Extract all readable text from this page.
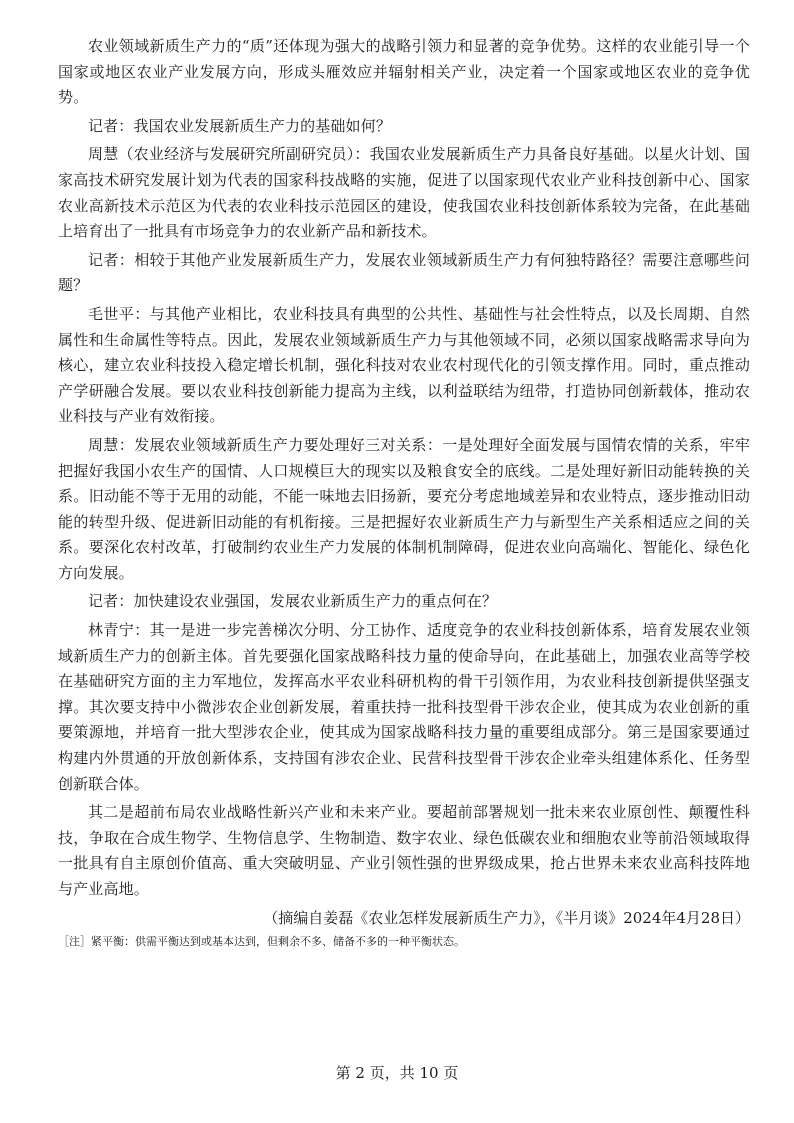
农业领域新质生产力的“质”还体现为强大的战略引领力和显著的竞争优势。这样的农业能引导一个国家或地区农业产业发展方向，形成头雁效应并辐射相关产业，决定着一个国家或地区农业的竞争优势。

记者：我国农业发展新质生产力的基础如何？

周慧（农业经济与发展研究所副研究员）：我国农业发展新质生产力具备良好基础。以星火计划、国家高技术研究发展计划为代表的国家科技战略的实施，促进了以国家现代农业产业科技创新中心、国家农业高新技术示范区为代表的农业科技示范园区的建设，使我国农业科技创新体系较为完备，在此基础上培育出了一批具有市场竞争力的农业新产品和新技术。

记者：相较于其他产业发展新质生产力，发展农业领域新质生产力有何独特路径？需要注意哪些问题？

毛世平：与其他产业相比，农业科技具有典型的公共性、基础性与社会性特点，以及长周期、自然属性和生命属性等特点。因此，发展农业领域新质生产力与其他领域不同，必须以国家战略需求导向为核心，建立农业科技投入稳定增长机制，强化科技对农业农村现代化的引领支撑作用。同时，重点推动产学研融合发展。要以农业科技创新能力提高为主线，以利益联结为纽带，打造协同创新载体，推动农业科技与产业有效衔接。

周慧：发展农业领域新质生产力要处理好三对关系：一是处理好全面发展与国情农情的关系，牢牢把握好我国小农生产的国情、人口规模巨大的现实以及粮食安全的底线。二是处理好新旧动能转换的关系。旧动能不等于无用的动能，不能一味地去旧扬新，要充分考虑地域差异和农业特点，逐步推动旧动能的转型升级、促进新旧动能的有机衔接。三是把握好农业新质生产力与新型生产关系相适应之间的关系。要深化农村改革，打破制约农业生产力发展的体制机制障碍，促进农业向高端化、智能化、绿色化方向发展。

记者：加快建设农业强国，发展农业新质生产力的重点何在？

林青宁：其一是进一步完善梯次分明、分工协作、适度竞争的农业科技创新体系，培育发展农业领域新质生产力的创新主体。首先要强化国家战略科技力量的使命导向，在此基础上，加强农业高等学校在基础研究方面的主力军地位，发挥高水平农业科研机构的骨干引领作用，为农业科技创新提供坚强支撑。其次要支持中小微涉农企业创新发展，着重扶持一批科技型骨干涉农企业，使其成为农业创新的重要策源地，并培育一批大型涉农企业，使其成为国家战略科技力量的重要组成部分。第三是国家要通过构建内外贯通的开放创新体系，支持国有涉农企业、民营科技型骨干涉农企业牵头组建体系化、任务型创新联合体。

其二是超前布局农业战略性新兴产业和未来产业。要超前部署规划一批未来农业原创性、颠覆性科技，争取在合成生物学、生物信息学、生物制造、数字农业、绿色低碳农业和细胞农业等前沿领域取得一批具有自主原创价值高、重大突破明显、产业引领性强的世界级成果，抢占世界未来农业高科技阵地与产业高地。

（摘编自姜磊《农业怎样发展新质生产力》，《半月谈》2024年4月28日）

［注］紧平衡：供需平衡达到或基本达到，但剩余不多、储备不多的一种平衡状态。

第 2 页，共 10 页
